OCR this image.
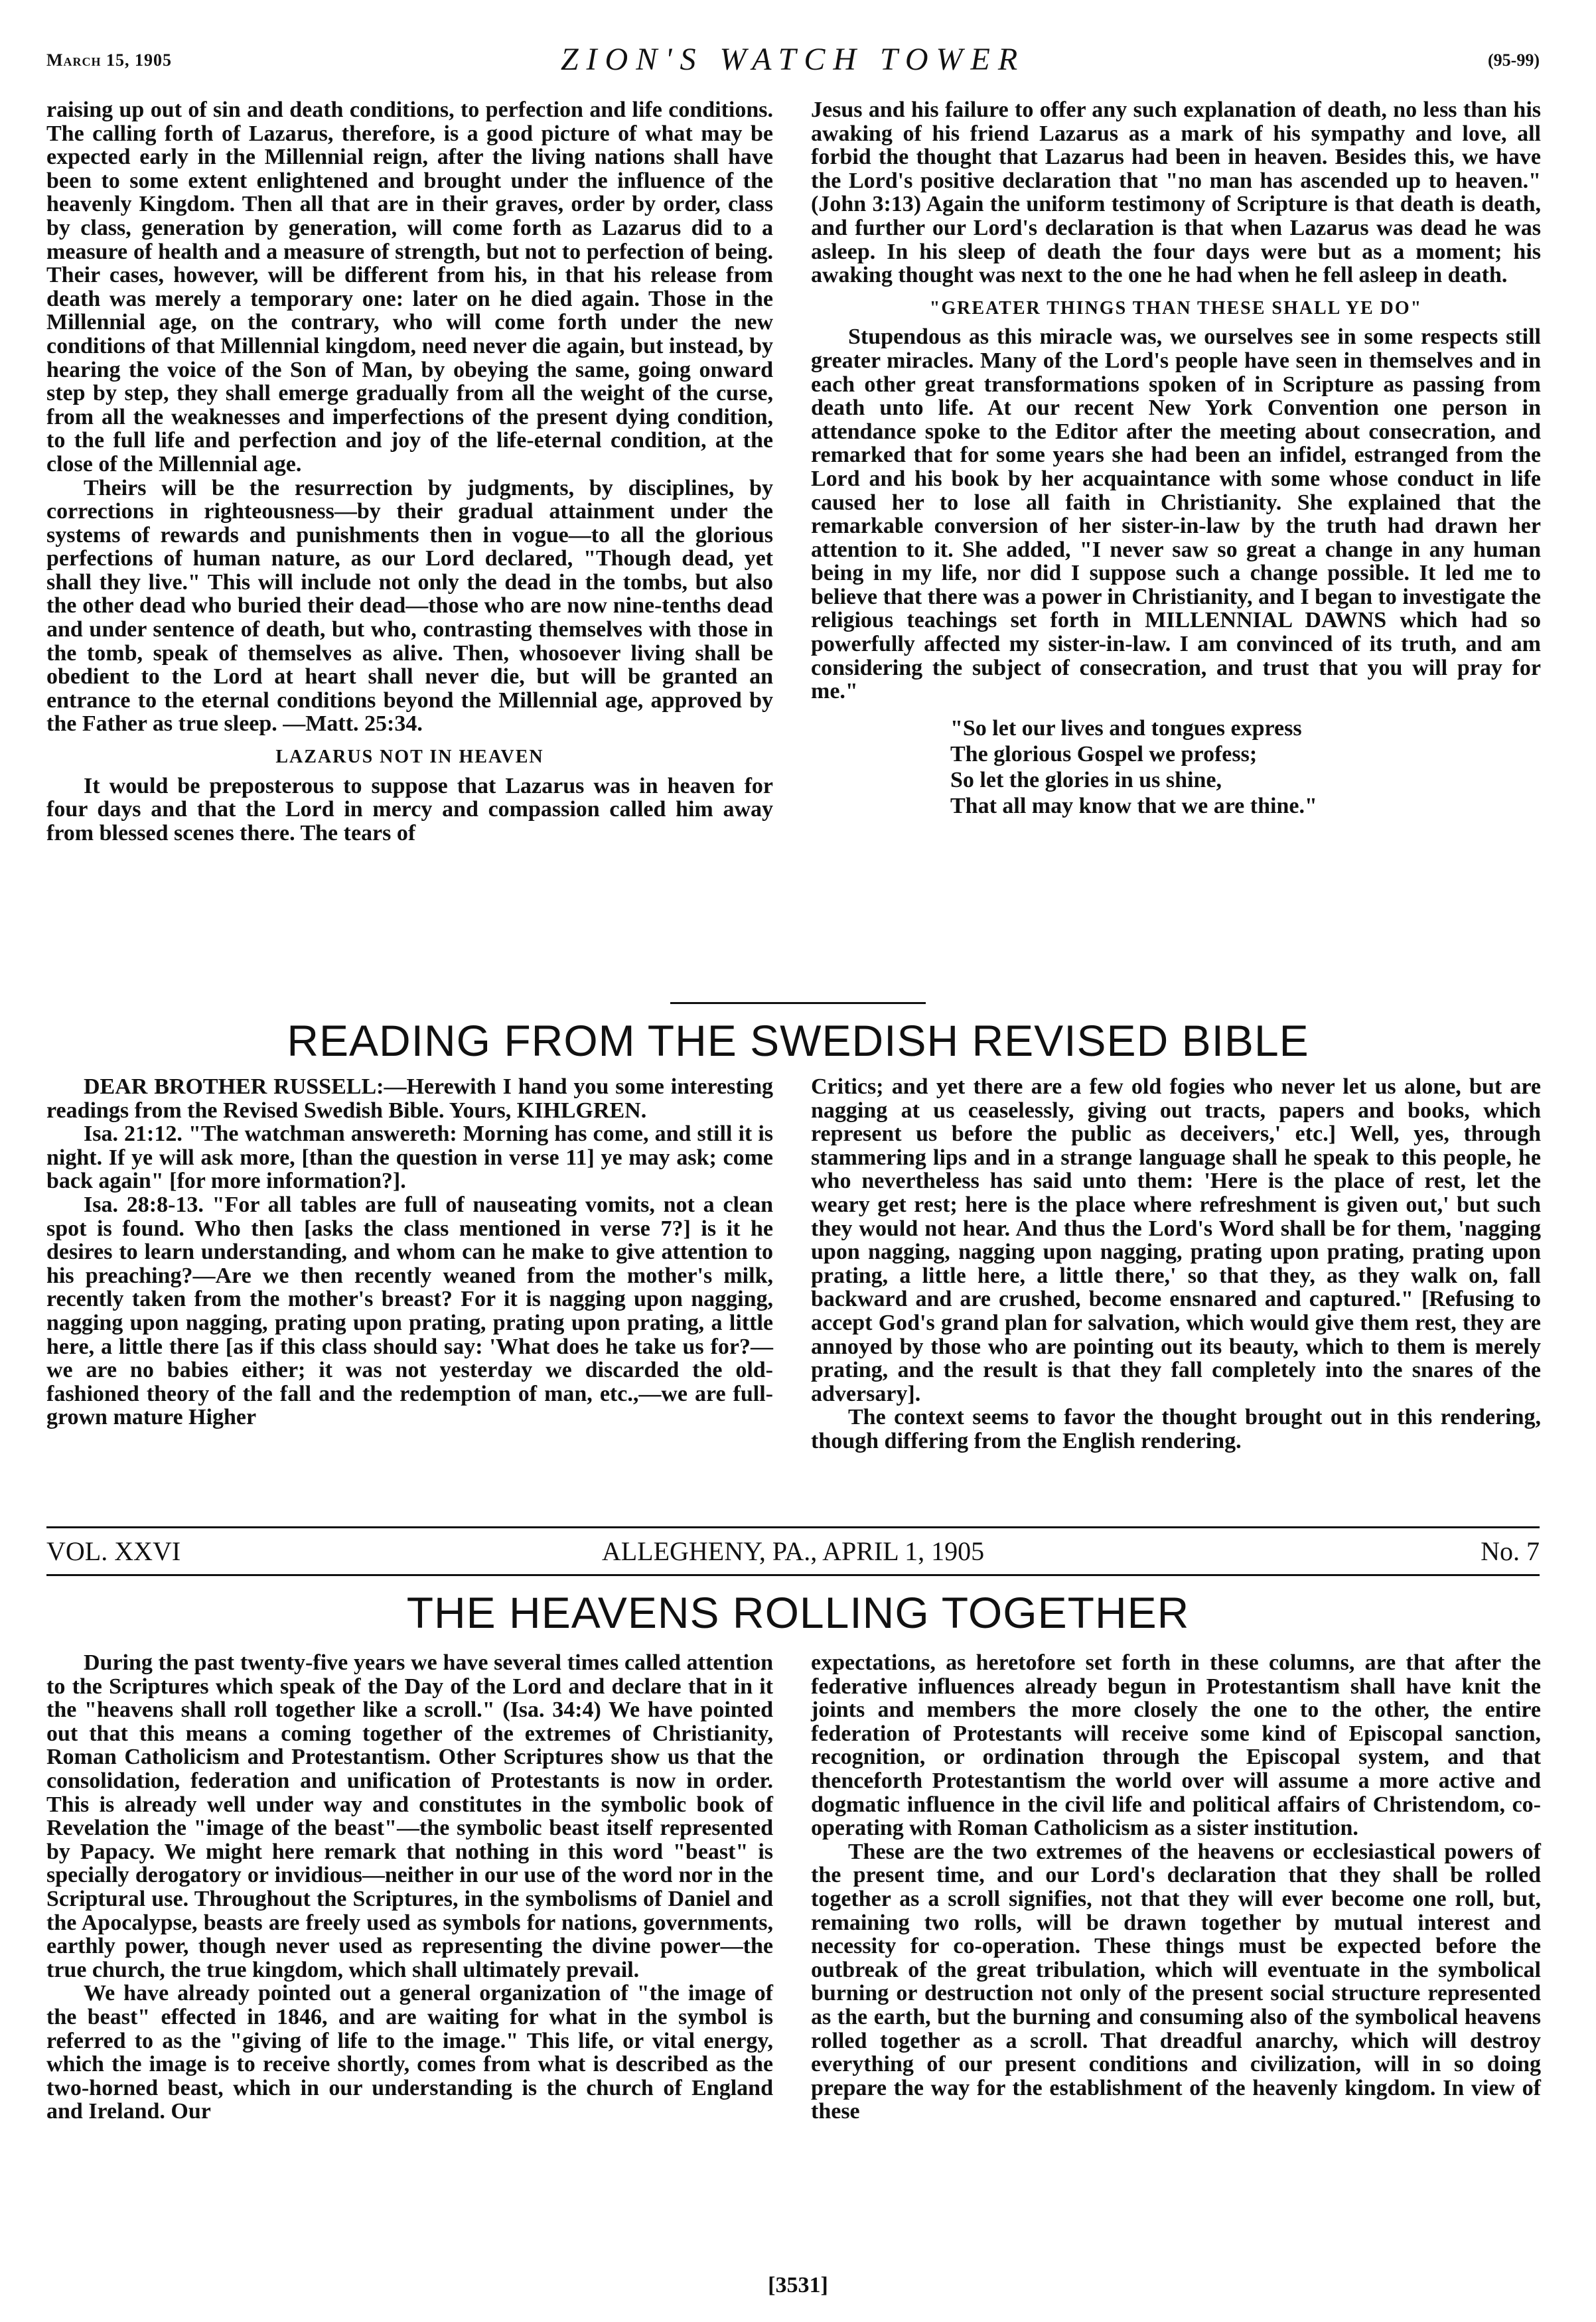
March 15, 1905	ZION'S WATCH TOWER	(95-99)

raising up out of sin and death conditions, to perfection and life conditions. The calling forth of Lazarus, therefore, is a good picture of what may be expected early in the Millennial reign, after the living nations shall have been to some extent enlightened and brought under the influence of the heavenly Kingdom. Then all that are in their graves, order by order, class by class, generation by generation, will come forth as Lazarus did to a measure of health and a measure of strength, but not to perfection of being. Their cases, however, will be different from his, in that his release from death was merely a temporary one: later on he died again. Those in the Millennial age, on the contrary, who will come forth under the new conditions of that Millennial kingdom, need never die again, but instead, by hearing the voice of the Son of Man, by obeying the same, going onward step by step, they shall emerge gradually from all the weight of the curse, from all the weaknesses and imperfections of the present dying condition, to the full life and perfection and joy of the life-eternal condition, at the close of the Millennial age.

Theirs will be the resurrection by judgments, by disciplines, by corrections in righteousness—by their gradual attainment under the systems of rewards and punishments then in vogue—to all the glorious perfections of human nature, as our Lord declared, "Though dead, yet shall they live." This will include not only the dead in the tombs, but also the other dead who buried their dead—those who are now nine-tenths dead and under sentence of death, but who, contrasting themselves with those in the tomb, speak of themselves as alive. Then, whosoever living shall be obedient to the Lord at heart shall never die, but will be granted an entrance to the eternal conditions beyond the Millennial age, approved by the Father as true sleep. —Matt. 25:34.

LAZARUS NOT IN HEAVEN

It would be preposterous to suppose that Lazarus was in heaven for four days and that the Lord in mercy and compassion called him away from blessed scenes there. The tears of

Jesus and his failure to offer any such explanation of death, no less than his awaking of his friend Lazarus as a mark of his sympathy and love, all forbid the thought that Lazarus had been in heaven. Besides this, we have the Lord's positive declaration that "no man has ascended up to heaven." (John 3:13) Again the uniform testimony of Scripture is that death is death, and further our Lord's declaration is that when Lazarus was dead he was asleep. In his sleep of death the four days were but as a moment; his awaking thought was next to the one he had when he fell asleep in death.

"GREATER THINGS THAN THESE SHALL YE DO"

Stupendous as this miracle was, we ourselves see in some respects still greater miracles. Many of the Lord's people have seen in themselves and in each other great transformations spoken of in Scripture as passing from death unto life. At our recent New York Convention one person in attendance spoke to the Editor after the meeting about consecration, and remarked that for some years she had been an infidel, estranged from the Lord and his book by her acquaintance with some whose conduct in life caused her to lose all faith in Christianity. She explained that the remarkable conversion of her sister-in-law by the truth had drawn her attention to it. She added, "I never saw so great a change in any human being in my life, nor did I suppose such a change possible. It led me to believe that there was a power in Christianity, and I began to investigate the religious teachings set forth in MILLENNIAL DAWNS which had so powerfully affected my sister-in-law. I am convinced of its truth, and am considering the subject of consecration, and trust that you will pray for me."

"So let our lives and tongues express
The glorious Gospel we profess;
So let the glories in us shine,
That all may know that we are thine."
READING FROM THE SWEDISH REVISED BIBLE

DEAR BROTHER RUSSELL:—Herewith I hand you some interesting readings from the Revised Swedish Bible. Yours, KIHLGREN.

Isa. 21:12. "The watchman answereth: Morning has come, and still it is night. If ye will ask more, [than the question in verse 11] ye may ask; come back again" [for more information?].

Isa. 28:8-13. "For all tables are full of nauseating vomits, not a clean spot is found. Who then [asks the class mentioned in verse 7?] is it he desires to learn understanding, and whom can he make to give attention to his preaching?—Are we then recently weaned from the mother's milk, recently taken from the mother's breast? For it is nagging upon nagging, nagging upon nagging, prating upon prating, prating upon prating, a little here, a little there [as if this class should say: 'What does he take us for?—we are no babies either; it was not yesterday we discarded the old-fashioned theory of the fall and the redemption of man, etc.,—we are full-grown mature Higher

Critics; and yet there are a few old fogies who never let us alone, but are nagging at us ceaselessly, giving out tracts, papers and books, which represent us before the public as deceivers,' etc.] Well, yes, through stammering lips and in a strange language shall he speak to this people, he who nevertheless has said unto them: 'Here is the place of rest, let the weary get rest; here is the place where refreshment is given out,' but such they would not hear. And thus the Lord's Word shall be for them, 'nagging upon nagging, nagging upon nagging, prating upon prating, prating upon prating, a little here, a little there,' so that they, as they walk on, fall backward and are crushed, become ensnared and captured." [Refusing to accept God's grand plan for salvation, which would give them rest, they are annoyed by those who are pointing out its beauty, which to them is merely prating, and the result is that they fall completely into the snares of the adversary].

The context seems to favor the thought brought out in this rendering, though differing from the English rendering.

VOL. XXVI	ALLEGHENY, PA., APRIL 1, 1905	No. 7
THE HEAVENS ROLLING TOGETHER

During the past twenty-five years we have several times called attention to the Scriptures which speak of the Day of the Lord and declare that in it the "heavens shall roll together like a scroll." (Isa. 34:4) We have pointed out that this means a coming together of the extremes of Christianity, Roman Catholicism and Protestantism. Other Scriptures show us that the consolidation, federation and unification of Protestants is now in order. This is already well under way and constitutes in the symbolic book of Revelation the "image of the beast"—the symbolic beast itself represented by Papacy. We might here remark that nothing in this word "beast" is specially derogatory or invidious—neither in our use of the word nor in the Scriptural use. Throughout the Scriptures, in the symbolisms of Daniel and the Apocalypse, beasts are freely used as symbols for nations, governments, earthly power, though never used as representing the divine power—the true church, the true kingdom, which shall ultimately prevail.

We have already pointed out a general organization of "the image of the beast" effected in 1846, and are waiting for what in the symbol is referred to as the "giving of life to the image." This life, or vital energy, which the image is to receive shortly, comes from what is described as the two-horned beast, which in our understanding is the church of England and Ireland. Our

expectations, as heretofore set forth in these columns, are that after the federative influences already begun in Protestantism shall have knit the joints and members the more closely the one to the other, the entire federation of Protestants will receive some kind of Episcopal sanction, recognition, or ordination through the Episcopal system, and that thenceforth Protestantism the world over will assume a more active and dogmatic influence in the civil life and political affairs of Christendom, co-operating with Roman Catholicism as a sister institution.

These are the two extremes of the heavens or ecclesiastical powers of the present time, and our Lord's declaration that they shall be rolled together as a scroll signifies, not that they will ever become one roll, but, remaining two rolls, will be drawn together by mutual interest and necessity for co-operation. These things must be expected before the outbreak of the great tribulation, which will eventuate in the symbolical burning or destruction not only of the present social structure represented as the earth, but the burning and consuming also of the symbolical heavens rolled together as a scroll. That dreadful anarchy, which will destroy everything of our present conditions and civilization, will in so doing prepare the way for the establishment of the heavenly kingdom. In view of these

[3531]
